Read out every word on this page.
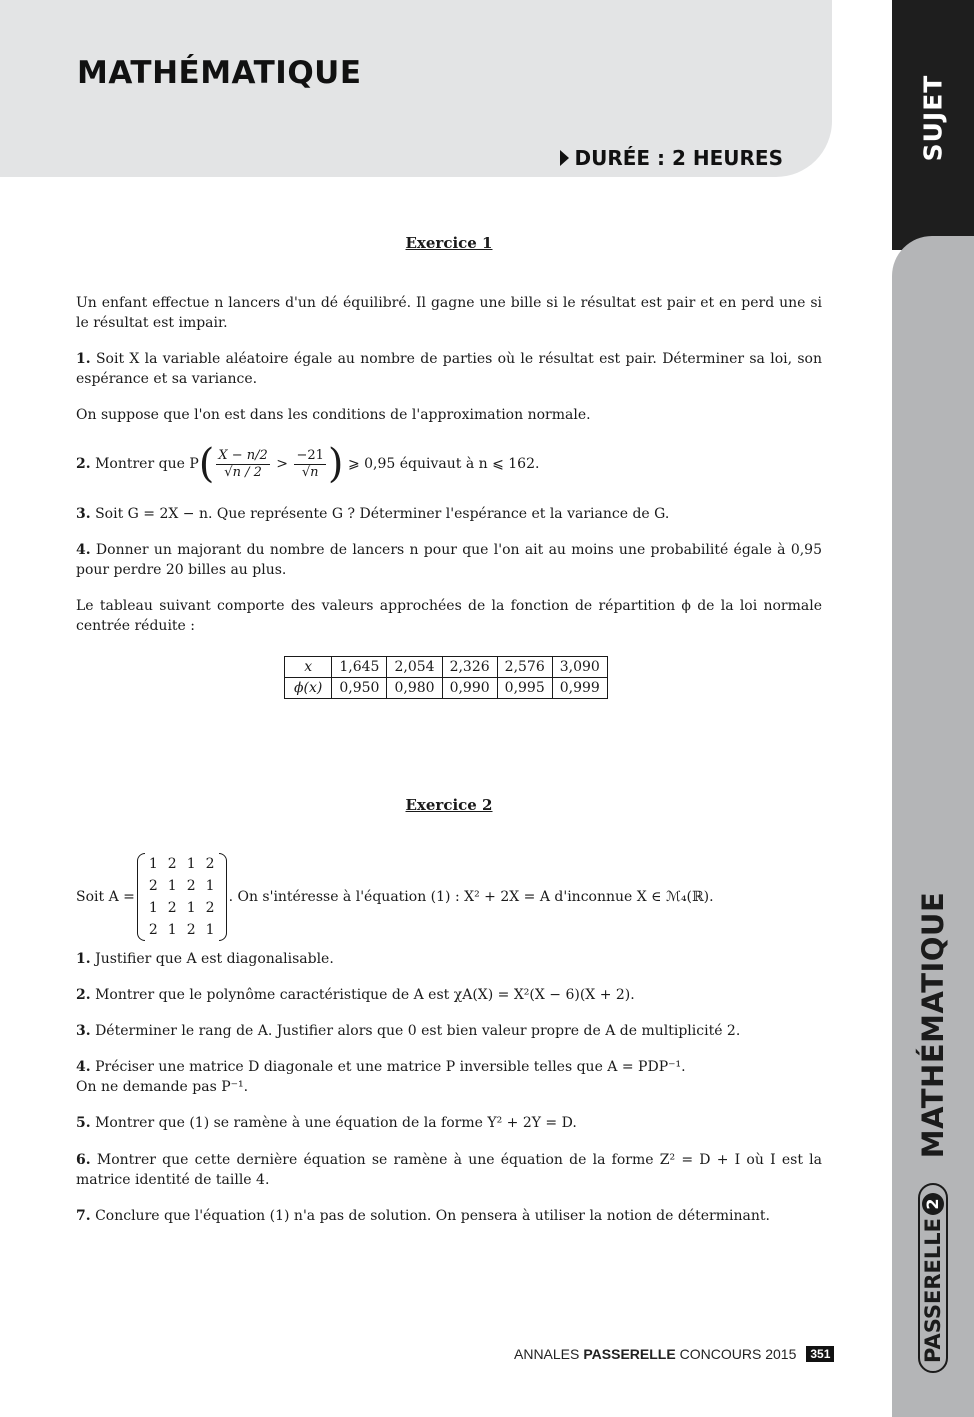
MATHÉMATIQUE
DURÉE : 2 HEURES	SUJET
MATHÉMATIQUE
PASSERELLE
2
Exercice 1
Un enfant effectue n lancers d'un dé équilibré. Il gagne une bille si le résultat est pair et en perd une si le résultat est impair.
1. Soit X la variable aléatoire égale au nombre de parties où le résultat est pair. Déterminer sa loi, son espérance et sa variance.
On suppose que l'on est dans les conditions de l'approximation normale.
2. Montrer que $P( \frac{X - n/2}{√n / 2} > \frac{-21}{√n}$ ) ⩾ 0,95 équivaut à n ⩽ 162.
3. Soit G = 2X − n. Que représente G ? Déterminer l'espérance et la variance de G.
4. Donner un majorant du nombre de lancers n pour que l'on ait au moins une probabilité égale à 0,95 pour perdre 20 billes au plus.
Le tableau suivant comporte des valeurs approchées de la fonction de répartition ϕ de la loi normale centrée réduite :
x	1,645	2,054	2,326	2,576	3,090
ϕ(x)	0,950	0,980	0,990	0,995	0,999
Exercice 2
Soit A =
1	2	1	2
2	1	2	1
1	2	1	2
2	1	2	1
. On s'intéresse à l'équation (1) : X² + 2X = A d'inconnue X ∈ ℳ₄(ℝ).
1. Justifier que A est diagonalisable.
2. Montrer que le polynôme caractéristique de A est χA(X) = X²(X − 6)(X + 2).
3. Déterminer le rang de A. Justifier alors que 0 est bien valeur propre de A de multiplicité 2.
4. Préciser une matrice D diagonale et une matrice P inversible telles que A = PDP⁻¹.
On ne demande pas P⁻¹.
5. Montrer que (1) se ramène à une équation de la forme Y² + 2Y = D.
6. Montrer que cette dernière équation se ramène à une équation de la forme Z² = D + I où I est la matrice identité de taille 4.
7. Conclure que l'équation (1) n'a pas de solution. On pensera à utiliser la notion de déterminant.
ANNALES PASSERELLE CONCOURS 2015	351
